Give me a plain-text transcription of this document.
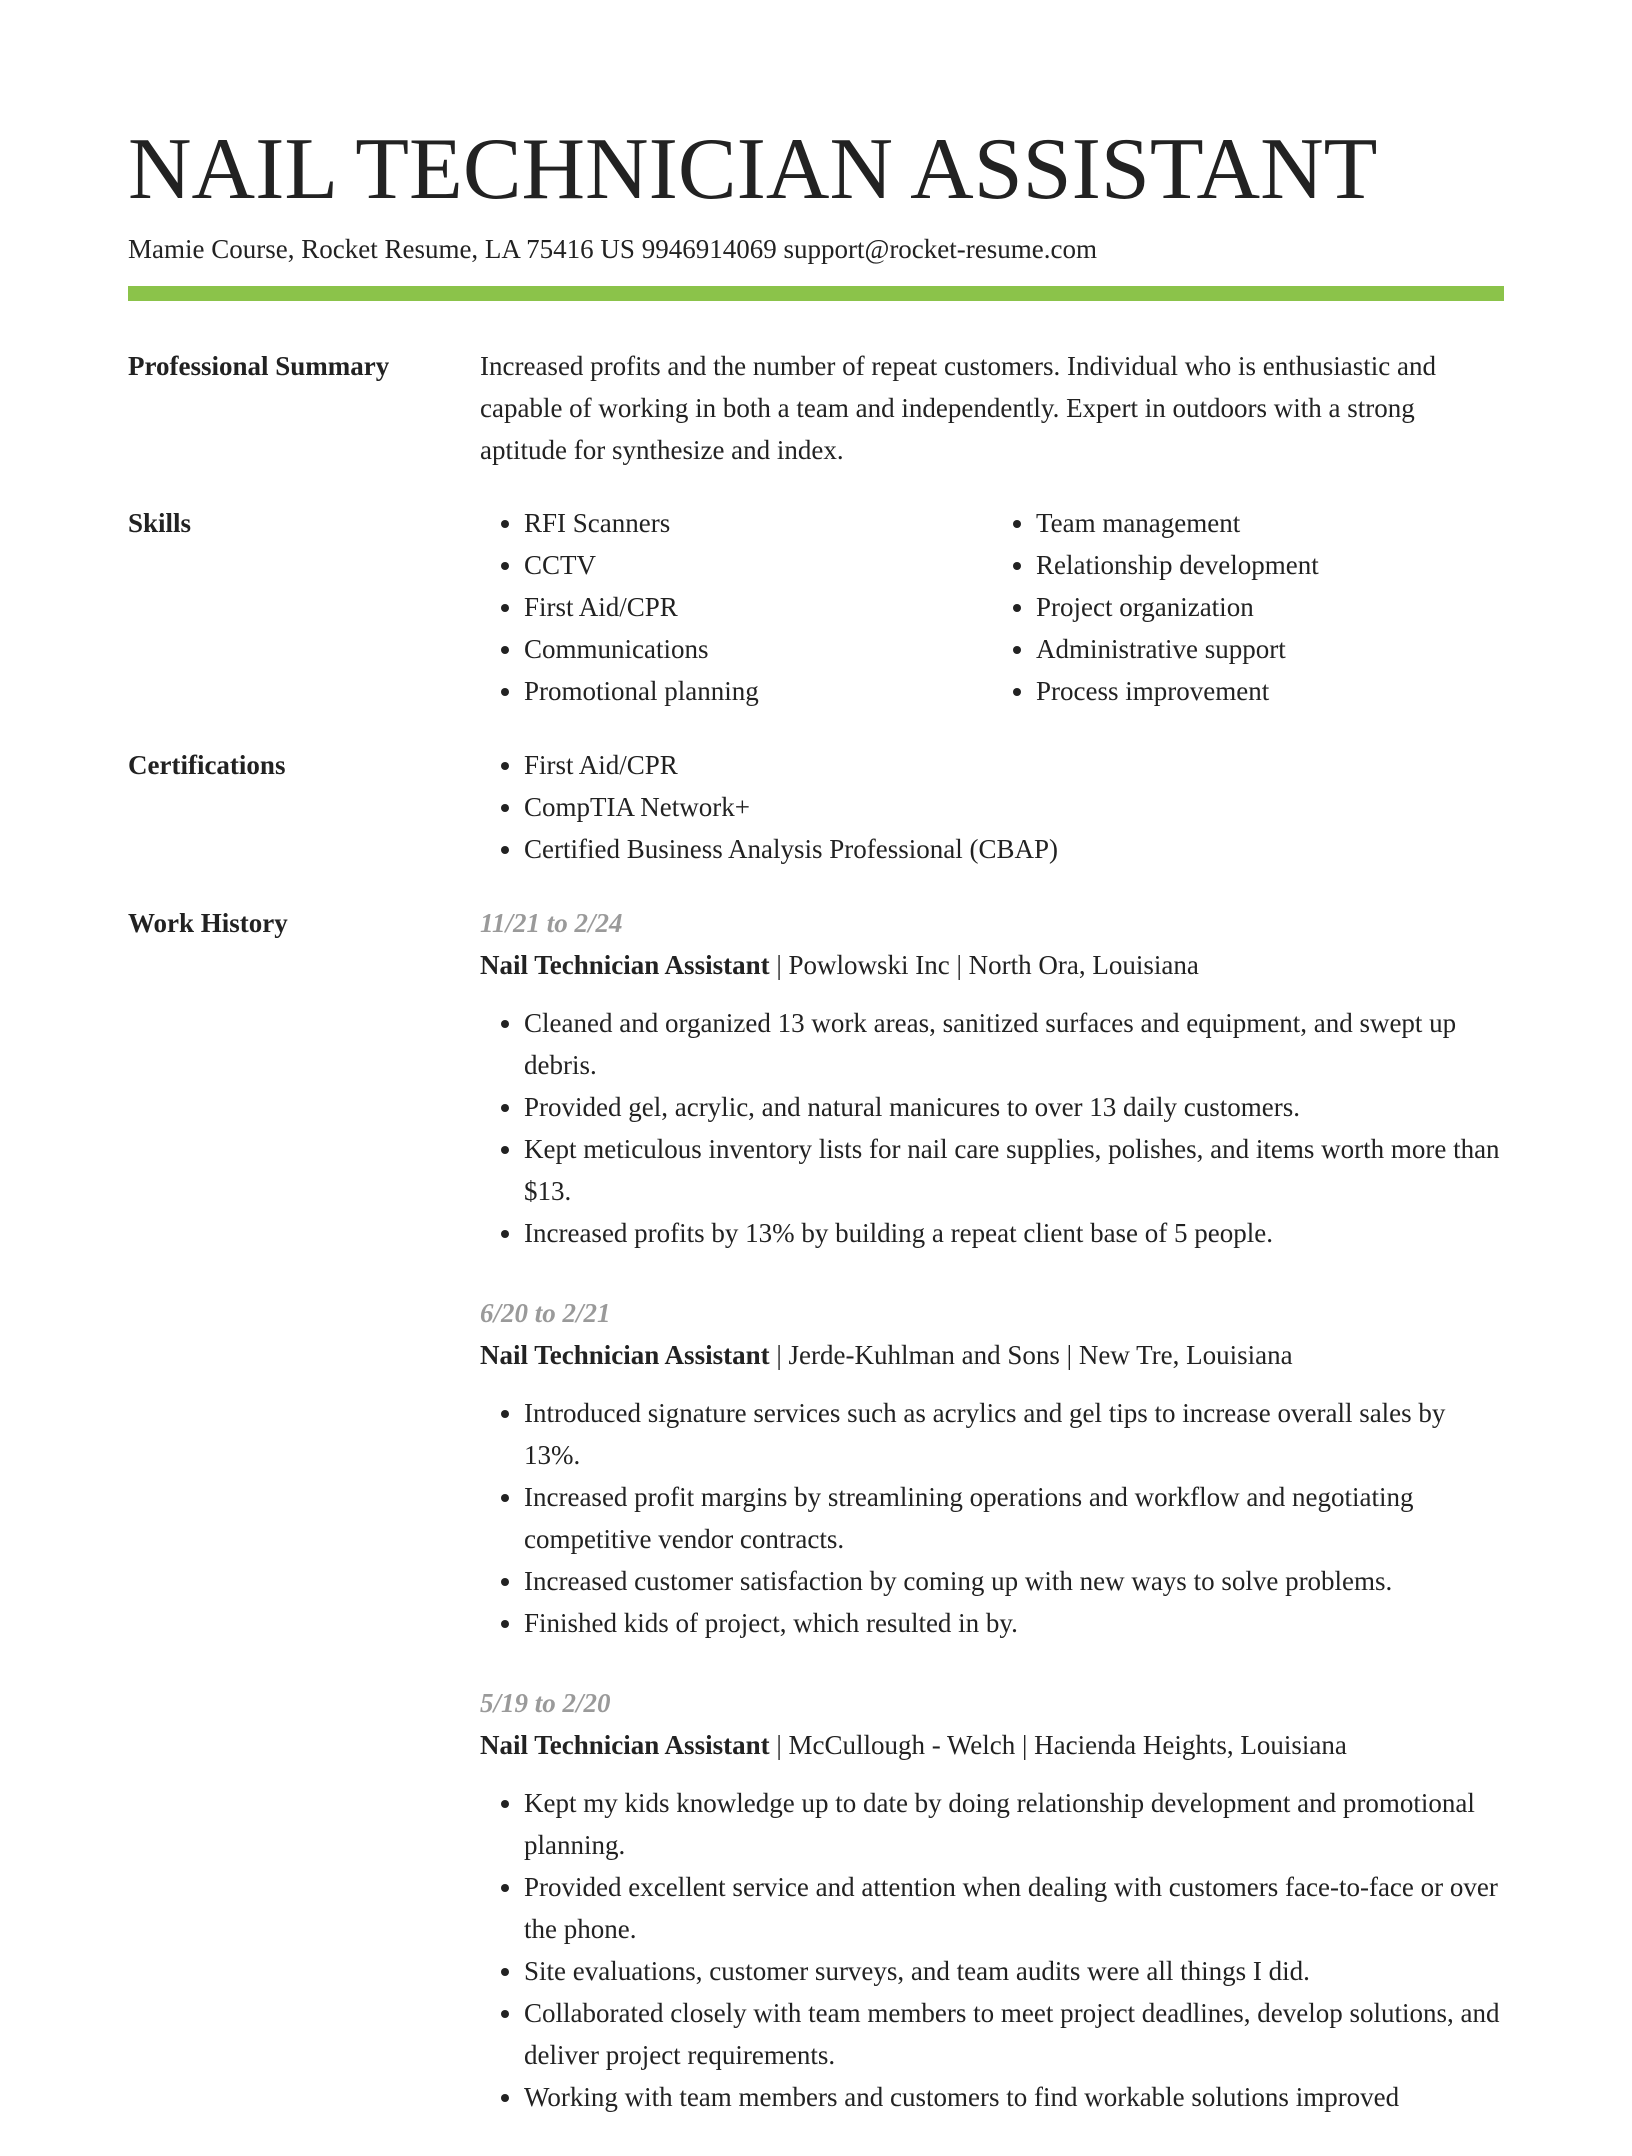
NAIL TECHNICIAN ASSISTANT
Mamie Course, Rocket Resume, LA 75416 US 9946914069 support@rocket-resume.com
Professional Summary	Increased profits and the number of repeat customers. Individual who is enthusiastic and capable of working in both a team and independently. Expert in outdoors with a strong aptitude for synthesize and index.

Skills	• RFI Scanners
• CCTV
• First Aid/CPR
• Communications
• Promotional planning
• Team management
• Relationship development
• Project organization
• Administrative support
• Process improvement
Certifications	• First Aid/CPR
• CompTIA Network+
• Certified Business Analysis Professional (CBAP)
Work History	11/21 to 2/24
Nail Technician Assistant | Powlowski Inc | North Ora, Louisiana
• Cleaned and organized 13 work areas, sanitized surfaces and equipment, and swept up debris.
• Provided gel, acrylic, and natural manicures to over 13 daily customers.
• Kept meticulous inventory lists for nail care supplies, polishes, and items worth more than $13.
• Increased profits by 13% by building a repeat client base of 5 people.
6/20 to 2/21
Nail Technician Assistant | Jerde-Kuhlman and Sons | New Tre, Louisiana
• Introduced signature services such as acrylics and gel tips to increase overall sales by 13%.
• Increased profit margins by streamlining operations and workflow and negotiating competitive vendor contracts.
• Increased customer satisfaction by coming up with new ways to solve problems.
• Finished kids of project, which resulted in by.
5/19 to 2/20
Nail Technician Assistant | McCullough - Welch | Hacienda Heights, Louisiana
• Kept my kids knowledge up to date by doing relationship development and promotional planning.
• Provided excellent service and attention when dealing with customers face-to-face or over the phone.
• Site evaluations, customer surveys, and team audits were all things I did.
• Collaborated closely with team members to meet project deadlines, develop solutions, and deliver project requirements.
• Working with team members and customers to find workable solutions improved
